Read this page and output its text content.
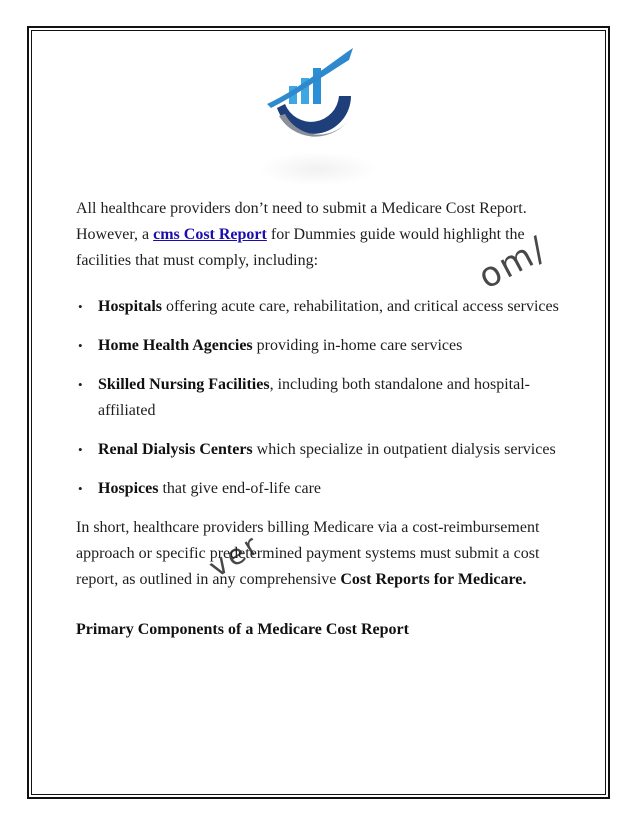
om/
ver

All healthcare providers don’t need to submit a Medicare Cost Report. However, a cms Cost Report for Dummies guide would highlight the facilities that must comply, including:

• Hospitals offering acute care, rehabilitation, and critical access services
• Home Health Agencies providing in-home care services
• Skilled Nursing Facilities, including both standalone and hospital-affiliated
• Renal Dialysis Centers which specialize in outpatient dialysis services
• Hospices that give end-of-life care

In short, healthcare providers billing Medicare via a cost-reimbursement approach or specific predetermined payment systems must submit a cost report, as outlined in any comprehensive Cost Reports for Medicare.

Primary Components of a Medicare Cost Report
